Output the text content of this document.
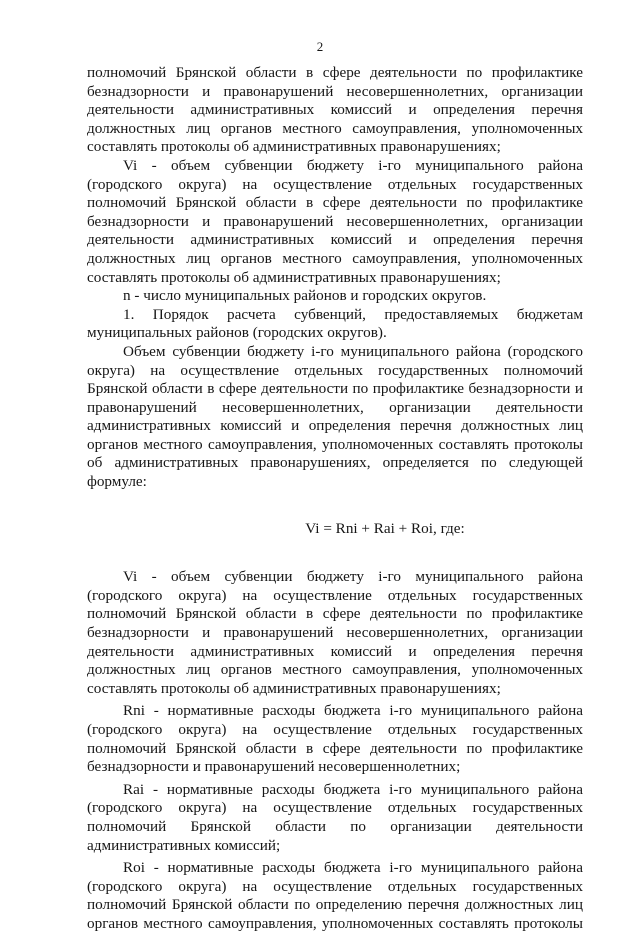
2

полномочий Брянской области в сфере деятельности по профилактике безнадзорности и правонарушений несовершеннолетних, организации деятельности административных комиссий и определения перечня должностных лиц органов местного самоуправления, уполномоченных составлять протоколы об административных правонарушениях;

Vi - объем субвенции бюджету i-го муниципального района (городского округа) на осуществление отдельных государственных полномочий Брянской области в сфере деятельности по профилактике безнадзорности и правонарушений несовершеннолетних, организации деятельности административных комиссий и определения перечня должностных лиц органов местного самоуправления, уполномоченных составлять протоколы об административных правонарушениях;

n - число муниципальных районов и городских округов.

1. Порядок расчета субвенций, предоставляемых бюджетам муниципальных районов (городских округов).

Объем субвенции бюджету i-го муниципального района (городского округа) на осуществление отдельных государственных полномочий Брянской области в сфере деятельности по профилактике безнадзорности и правонарушений несовершеннолетних, организации деятельности административных комиссий и определения перечня должностных лиц органов местного самоуправления, уполномоченных составлять протоколы об административных правонарушениях, определяется по следующей формуле:

Vi = Rni + Rai + Roi, где:

Vi - объем субвенции бюджету i-го муниципального района (городского округа) на осуществление отдельных государственных полномочий Брянской области в сфере деятельности по профилактике безнадзорности и правонарушений несовершеннолетних, организации деятельности административных комиссий и определения перечня должностных лиц органов местного самоуправления, уполномоченных составлять протоколы об административных правонарушениях;

Rni - нормативные расходы бюджета i-го муниципального района (городского округа) на осуществление отдельных государственных полномочий Брянской области в сфере деятельности по профилактике безнадзорности и правонарушений несовершеннолетних;

Rai - нормативные расходы бюджета i-го муниципального района (городского округа) на осуществление отдельных государственных полномочий Брянской области по организации деятельности административных комиссий;

Roi - нормативные расходы бюджета i-го муниципального района (городского округа) на осуществление отдельных государственных полномочий Брянской области по определению перечня должностных лиц органов местного самоуправления, уполномоченных составлять протоколы
